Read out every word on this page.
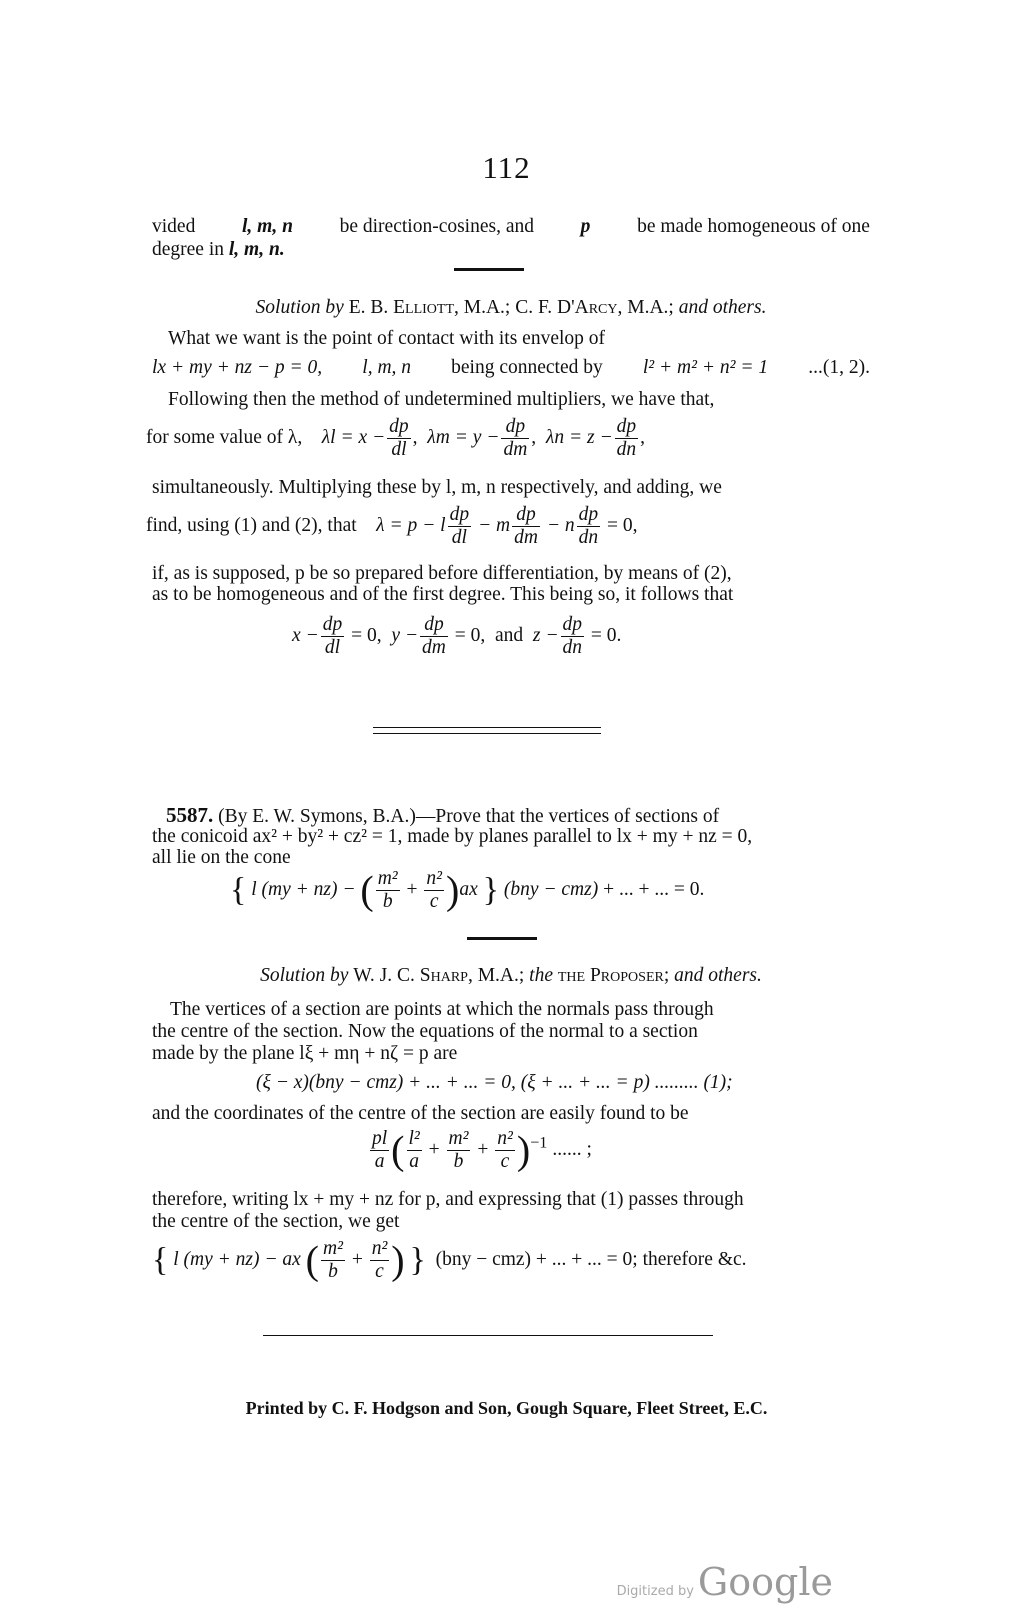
112
vided l, m, n be direction-cosines, and p be made homogeneous of one
degree in l, m, n.
Solution by E. B. Elliott, M.A.; C. F. D'Arcy, M.A.; and others.
What we want is the point of contact with its envelop of
lx + my + nz − p = 0, l, m, n being connected by l² + m² + n² = 1 ...(1, 2).
Following then the method of undetermined multipliers, we have that,
for some value of λ, $\lambda l = x - \frac{dp}{dl}$ ,  $\lambda m = y - \frac{dp}{dm}$ ,  $\lambda n = z - \frac{dp}{dn}$ ,
simultaneously. Multiplying these by l, m, n respectively, and adding, we
find, using (1) and (2), that λ = p − l $\frac{dp}{dl} - m \frac{dp}{dm} - n \frac{dp}{dn} = 0$,
if, as is supposed, p be so prepared before differentiation, by means of (2),
as to be homogeneous and of the first degree. This being so, it follows that
$x - \frac{dp}{dl} = 0$,  $y - \frac{dp}{dm} = 0$,  and  $z - \frac{dp}{dn} = 0$.
5587. (By E. W. Symons, B.A.)—Prove that the vertices of sections of
the conicoid ax² + by² + cz² = 1, made by planes parallel to lx + my + nz = 0,
all lie on the cone
{ l (my + nz) − ( $\frac{\text{m²}}{b} + \frac{\text{n²}}{c} )ax$ } (bny − cmz) + ... + ... = 0.
Solution by W. J. C. Sharp, M.A.; the the Proposer; and others.
The vertices of a section are points at which the normals pass through
the centre of the section. Now the equations of the normal to a section
made by the plane lξ + mη + nζ = p are
(ξ − x)(bny − cmz) + ... + ... = 0, (ξ + ... + ... = p) ......... (1);
and the coordinates of the centre of the section are easily found to be
$\frac{pl}{a}$ ( $\frac{\text{l²}}{a} + \frac{\text{m²}}{b} + \frac{\text{n²}}{c} )^{-1}$ ...... ;
therefore, writing lx + my + nz for p, and expressing that (1) passes through
the centre of the section, we get
{ l (my + nz) − ax ( $\frac{\text{m²}}{b} + \frac{\text{n²}}{c}$ ) } (bny − cmz) + ... + ... = 0; therefore &c.
Printed by C. F. Hodgson and Son, Gough Square, Fleet Street, E.C.
Digitized by Google
